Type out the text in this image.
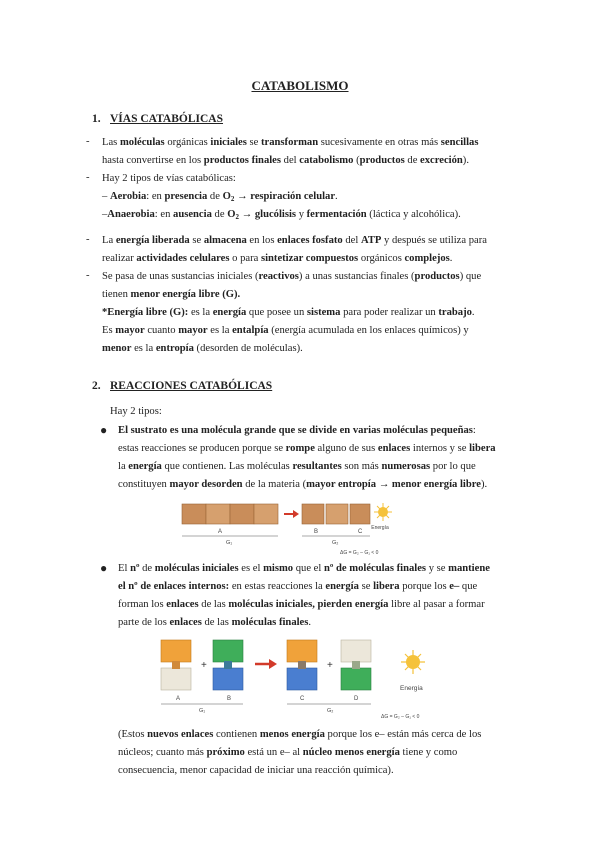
CATABOLISMO
1. VÍAS CATABÓLICAS
- Las moléculas orgánicas iniciales se transforman sucesivamente en otras más sencillas
hasta convertirse en los productos finales del catabolismo (productos de excreción).
- Hay 2 tipos de vías catabólicas:
– Aerobia: en presencia de $O_2$ → respiración celular.
–Anaerobia: en ausencia de $O_2$ → glucólisis y fermentación (láctica y alcohólica).
- La energía liberada se almacena en los enlaces fosfato del ATP y después se utiliza para
realizar actividades celulares o para sintetizar compuestos orgánicos complejos.
- Se pasa de unas sustancias iniciales (reactivos) a unas sustancias finales (productos) que
tienen menor energía libre (G).
*Energía libre (G): es la energía que posee un sistema para poder realizar un trabajo.
Es mayor cuanto mayor es la entalpía (energía acumulada en los enlaces químicos) y
menor es la entropía (desorden de moléculas).
2. REACCIONES CATABÓLICAS
Hay 2 tipos:
● El sustrato es una molécula grande que se divide en varias moléculas pequeñas:
estas reacciones se producen porque se rompe alguno de sus enlaces internos y se libera
la energía que contienen. Las moléculas resultantes son más numerosas por lo que
constituyen mayor desorden de la materia (mayor entropía → menor energía libre).
Energía
A	B	C
G₁	G₂
ΔG = G₂ – G₁ < 0
● El nº de moléculas iniciales es el mismo que el nº de moléculas finales y se mantiene
el nº de enlaces internos: en estas reacciones la energía se libera porque los e– que
forman los enlaces de las moléculas iniciales, pierden energía libre al pasar a formar
parte de los enlaces de las moléculas finales.
+	+
Energía
A	B	C	D
G₁	G₂
ΔG = G₂ – G₁ < 0
(Estos nuevos enlaces contienen menos energía porque los e– están más cerca de los
núcleos; cuanto más próximo está un e– al núcleo menos energía tiene y como
consecuencia, menor capacidad de iniciar una reacción química).
